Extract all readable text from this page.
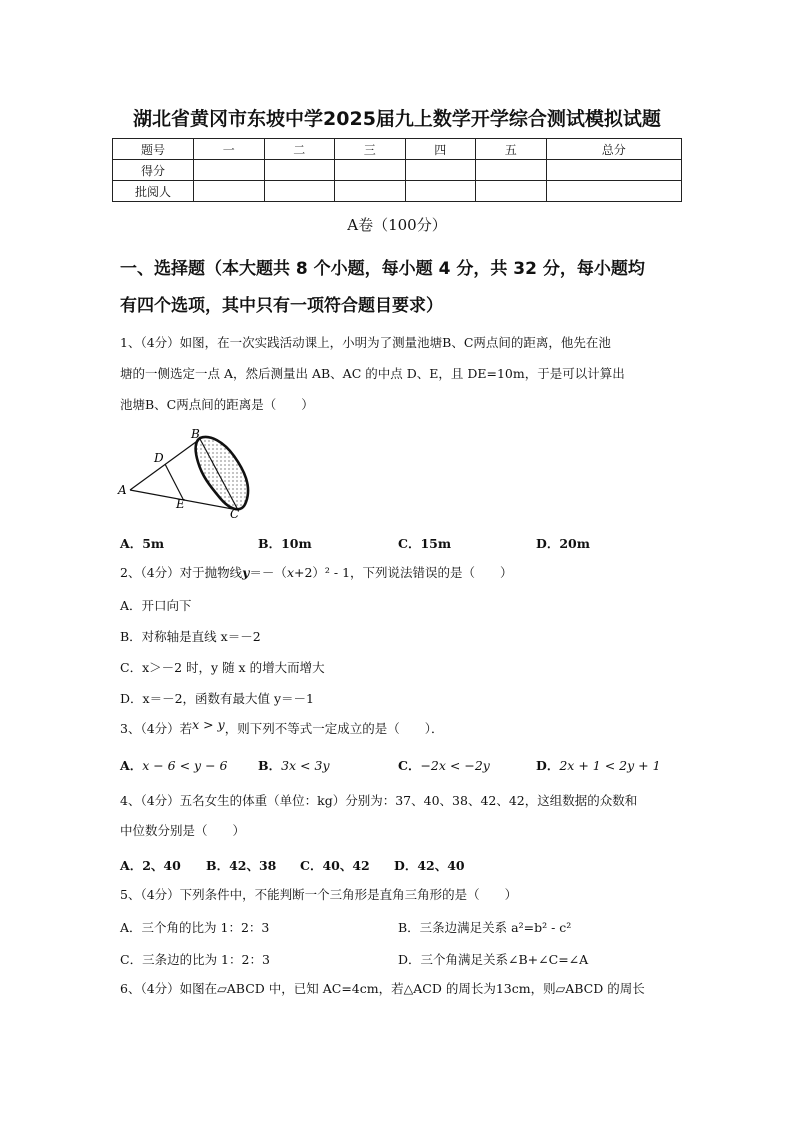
湖北省黄冈市东坡中学2025届九上数学开学综合测试模拟试题
题号	一	二	三	四	五	总分
得分						
批阅人						
A卷（100分）
一、选择题（本大题共 8 个小题，每小题 4 分，共 32 分，每小题均
有四个选项，其中只有一项符合题目要求）
1、（4分）如图，在一次实践活动课上，小明为了测量池塘B、C两点间的距离，他先在池
塘的一侧选定一点 A，然后测量出 AB、AC 的中点 D、E，且 DE=10m，于是可以计算出
池塘B、C两点间的距离是（　　）
B
D
A
E
C
A．5m	B．10m	C．15m	D．20m
2、（4分）对于抛物线y＝－（x+2）² - 1，下列说法错误的是（　　）
A．开口向下
B．对称轴是直线 x＝－2
C．x＞－2 时，y 随 x 的增大而增大
D．x＝－2，函数有最大值 y＝－1
3、（4分）若x > y，则下列不等式一定成立的是（　　）．
A．x − 6 < y − 6 B．3x < 3y	C．−2x < −2y	D．2x + 1 < 2y + 1
4、（4分）五名女生的体重（单位：kg）分别为：37、40、38、42、42，这组数据的众数和
中位数分别是（　　）
A．2、40 B．42、38 C．40、42 D．42、40
5、（4分）下列条件中，不能判断一个三角形是直角三角形的是（　　）
A．三个角的比为 1：2：3	B．三条边满足关系 a²=b² - c²
C．三条边的比为 1：2：3	D．三个角满足关系∠B+∠C=∠A
6、（4分）如图在▱ABCD 中，已知 AC=4cm，若△ACD 的周长为13cm，则▱ABCD 的周长
